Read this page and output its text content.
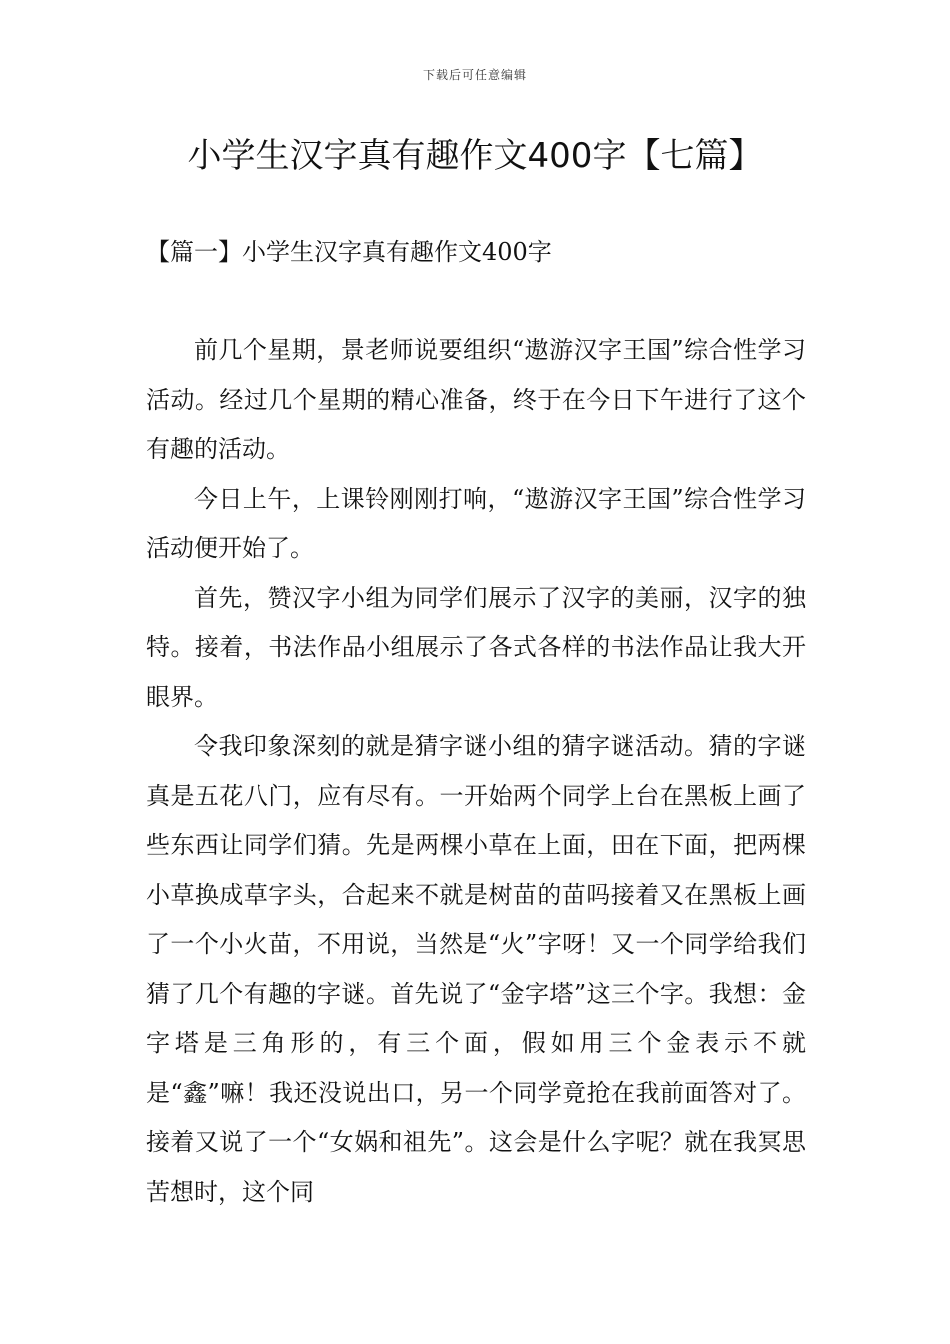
下载后可任意编辑
小学生汉字真有趣作文400字【七篇】
【篇一】小学生汉字真有趣作文400字

前几个星期，景老师说要组织“遨游汉字王国”综合性学习活动。经过几个星期的精心准备，终于在今日下午进行了这个有趣的活动。

今日上午，上课铃刚刚打响，“遨游汉字王国”综合性学习活动便开始了。

首先，赞汉字小组为同学们展示了汉字的美丽，汉字的独特。接着，书法作品小组展示了各式各样的书法作品让我大开眼界。

令我印象深刻的就是猜字谜小组的猜字谜活动。猜的字谜真是五花八门，应有尽有。一开始两个同学上台在黑板上画了些东西让同学们猜。先是两棵小草在上面，田在下面，把两棵小草换成草字头，合起来不就是树苗的苗吗接着又在黑板上画了一个小火苗，不用说，当然是“火”字呀！又一个同学给我们猜了几个有趣的字谜。首先说了“金字塔”这三个字。我想：金字塔是三角形的，有三个面，假如用三个金表示不就是“鑫”嘛！我还没说出口，另一个同学竟抢在我前面答对了。接着又说了一个“女娲和祖先”。这会是什么字呢？就在我冥思苦想时，这个同
